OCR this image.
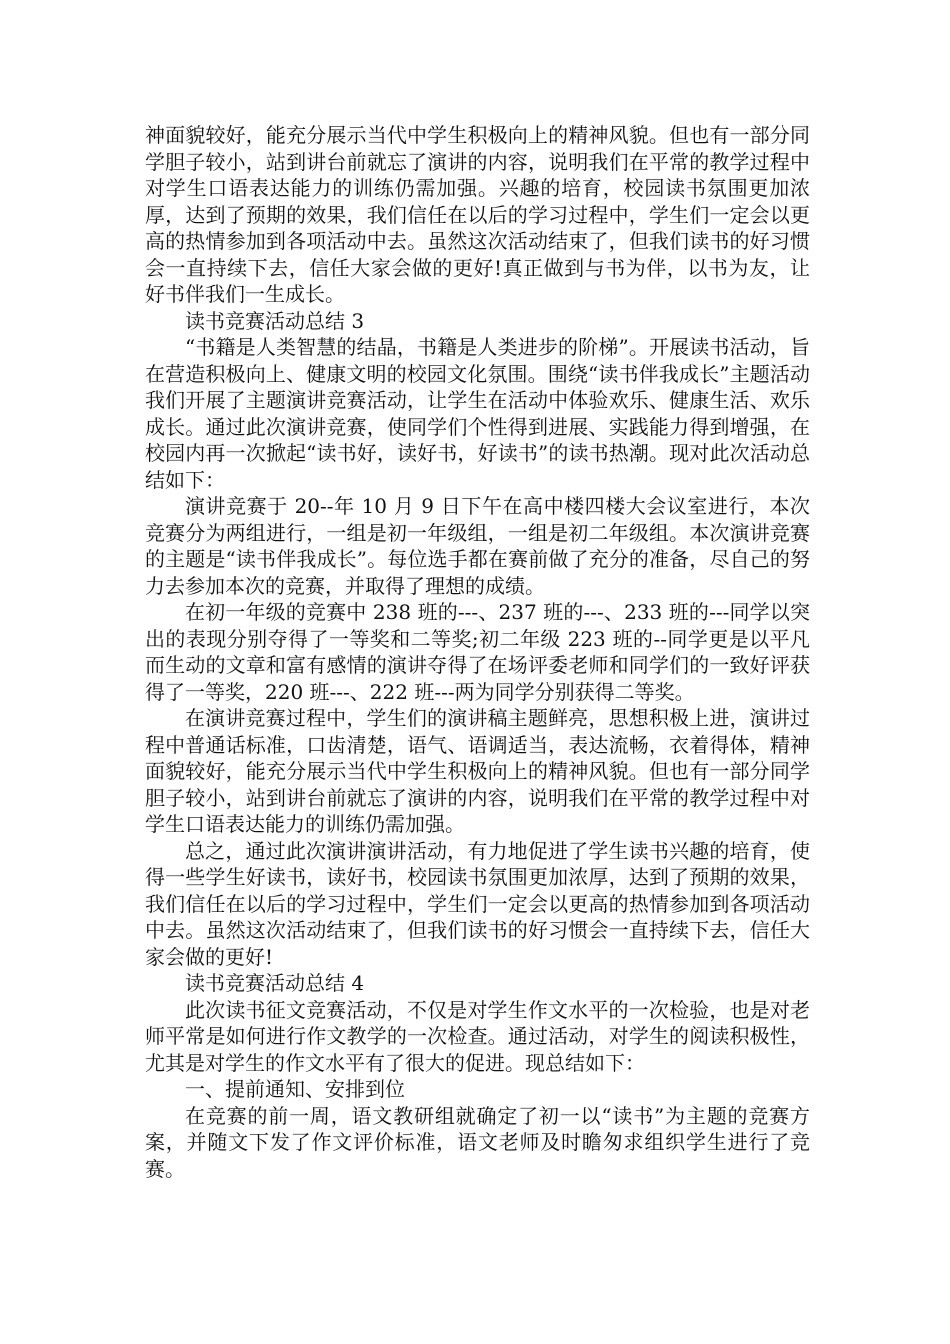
神面貌较好，能充分展示当代中学生积极向上的精神风貌。但也有一部分同学胆子较小，站到讲台前就忘了演讲的内容，说明我们在平常的教学过程中对学生口语表达能力的训练仍需加强。兴趣的培育，校园读书氛围更加浓厚，达到了预期的效果，我们信任在以后的学习过程中，学生们一定会以更高的热情参加到各项活动中去。虽然这次活动结束了，但我们读书的好习惯会一直持续下去，信任大家会做的更好!真正做到与书为伴，以书为友，让好书伴我们一生成长。

读书竞赛活动总结 3

“书籍是人类智慧的结晶，书籍是人类进步的阶梯”。开展读书活动，旨在营造积极向上、健康文明的校园文化氛围。围绕“读书伴我成长”主题活动我们开展了主题演讲竞赛活动，让学生在活动中体验欢乐、健康生活、欢乐成长。通过此次演讲竞赛，使同学们个性得到进展、实践能力得到增强，在校园内再一次掀起“读书好，读好书，好读书”的读书热潮。现对此次活动总结如下：

演讲竞赛于 20--年 10 月 9 日下午在高中楼四楼大会议室进行，本次竞赛分为两组进行，一组是初一年级组，一组是初二年级组。本次演讲竞赛的主题是“读书伴我成长”。每位选手都在赛前做了充分的准备，尽自己的努力去参加本次的竞赛，并取得了理想的成绩。

在初一年级的竞赛中 238 班的---、237 班的---、233 班的---同学以突出的表现分别夺得了一等奖和二等奖;初二年级 223 班的--同学更是以平凡而生动的文章和富有感情的演讲夺得了在场评委老师和同学们的一致好评获得了一等奖，220 班---、222 班---两为同学分别获得二等奖。

在演讲竞赛过程中，学生们的演讲稿主题鲜亮，思想积极上进，演讲过程中普通话标准，口齿清楚，语气、语调适当，表达流畅，衣着得体，精神面貌较好，能充分展示当代中学生积极向上的精神风貌。但也有一部分同学胆子较小，站到讲台前就忘了演讲的内容，说明我们在平常的教学过程中对学生口语表达能力的训练仍需加强。

总之，通过此次演讲演讲活动，有力地促进了学生读书兴趣的培育，使得一些学生好读书，读好书，校园读书氛围更加浓厚，达到了预期的效果，我们信任在以后的学习过程中，学生们一定会以更高的热情参加到各项活动中去。虽然这次活动结束了，但我们读书的好习惯会一直持续下去，信任大家会做的更好!

读书竞赛活动总结 4

此次读书征文竞赛活动，不仅是对学生作文水平的一次检验，也是对老师平常是如何进行作文教学的一次检查。通过活动，对学生的阅读积极性，尤其是对学生的作文水平有了很大的促进。现总结如下：

一、提前通知、安排到位

在竞赛的前一周，语文教研组就确定了初一以“读书”为主题的竞赛方案，并随文下发了作文评价标准，语文老师及时瞻匆求组织学生进行了竞赛。
